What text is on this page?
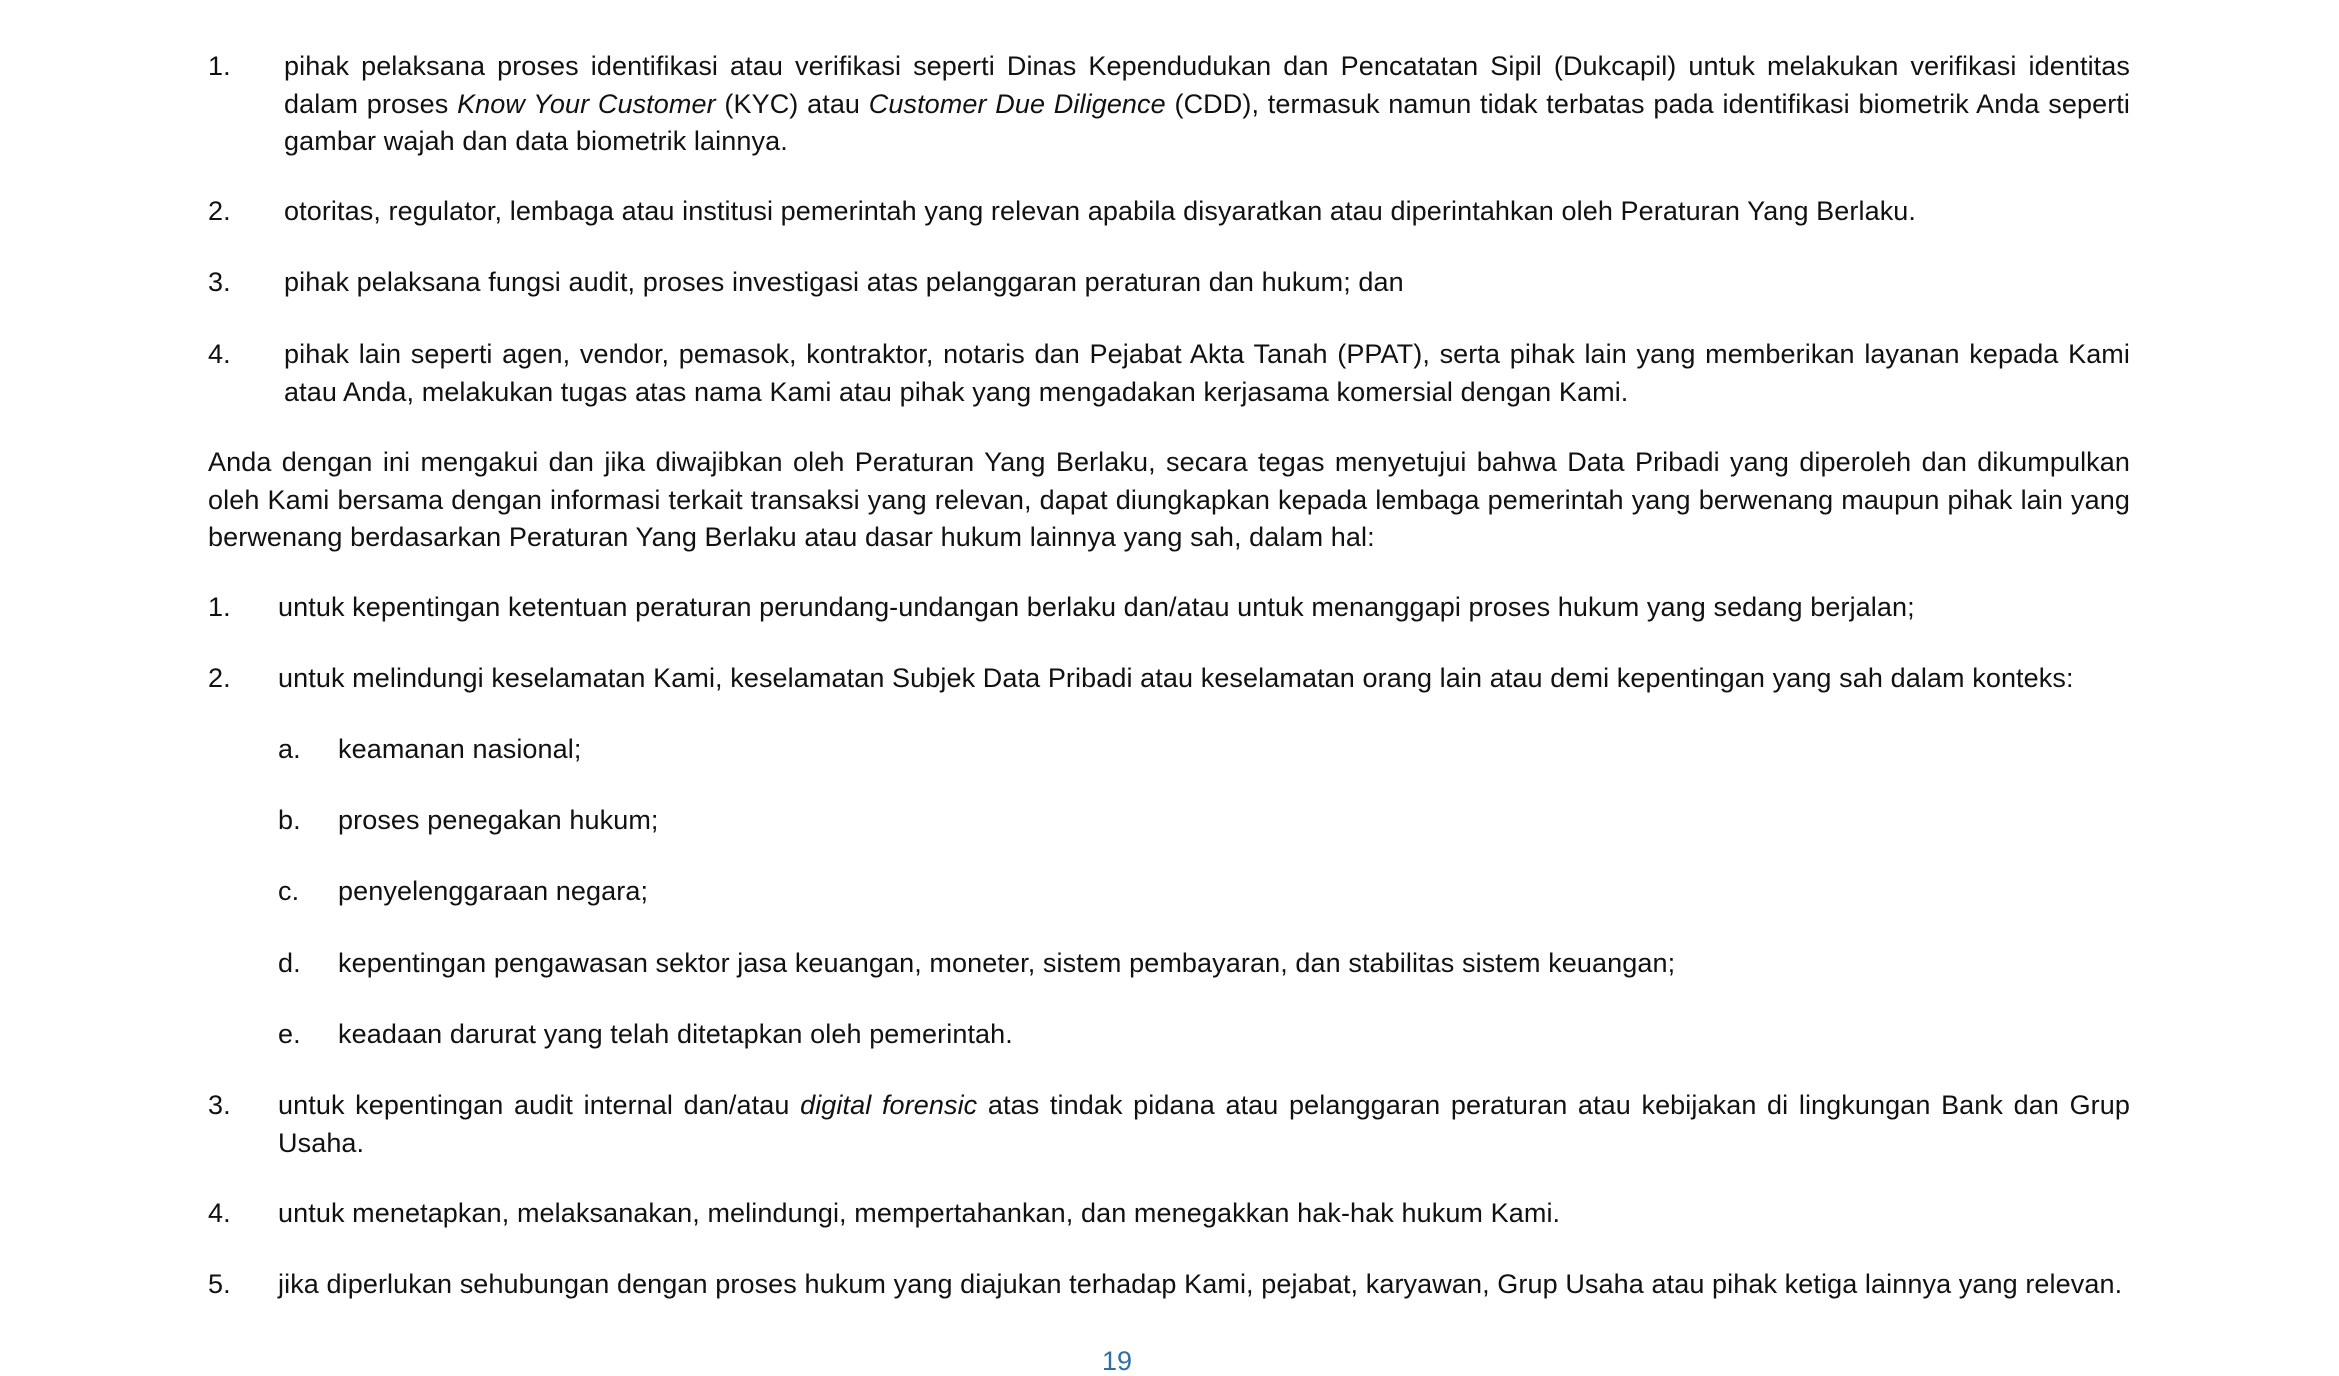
1. pihak pelaksana proses identifikasi atau verifikasi seperti Dinas Kependudukan dan Pencatatan Sipil (Dukcapil) untuk melakukan verifikasi identitas dalam proses Know Your Customer (KYC) atau Customer Due Diligence (CDD), termasuk namun tidak terbatas pada identifikasi biometrik Anda seperti gambar wajah dan data biometrik lainnya.
2. otoritas, regulator, lembaga atau institusi pemerintah yang relevan apabila disyaratkan atau diperintahkan oleh Peraturan Yang Berlaku.
3. pihak pelaksana fungsi audit, proses investigasi atas pelanggaran peraturan dan hukum; dan
4. pihak lain seperti agen, vendor, pemasok, kontraktor, notaris dan Pejabat Akta Tanah (PPAT), serta pihak lain yang memberikan layanan kepada Kami atau Anda, melakukan tugas atas nama Kami atau pihak yang mengadakan kerjasama komersial dengan Kami.
Anda dengan ini mengakui dan jika diwajibkan oleh Peraturan Yang Berlaku, secara tegas menyetujui bahwa Data Pribadi yang diperoleh dan dikumpulkan oleh Kami bersama dengan informasi terkait transaksi yang relevan, dapat diungkapkan kepada lembaga pemerintah yang berwenang maupun pihak lain yang berwenang berdasarkan Peraturan Yang Berlaku atau dasar hukum lainnya yang sah, dalam hal:
1. untuk kepentingan ketentuan peraturan perundang-undangan berlaku dan/atau untuk menanggapi proses hukum yang sedang berjalan;
2. untuk melindungi keselamatan Kami, keselamatan Subjek Data Pribadi atau keselamatan orang lain atau demi kepentingan yang sah dalam konteks:
a. keamanan nasional;
b. proses penegakan hukum;
c. penyelenggaraan negara;
d. kepentingan pengawasan sektor jasa keuangan, moneter, sistem pembayaran, dan stabilitas sistem keuangan;
e. keadaan darurat yang telah ditetapkan oleh pemerintah.
3. untuk kepentingan audit internal dan/atau digital forensic atas tindak pidana atau pelanggaran peraturan atau kebijakan di lingkungan Bank dan Grup Usaha.
4. untuk menetapkan, melaksanakan, melindungi, mempertahankan, dan menegakkan hak-hak hukum Kami.
5. jika diperlukan sehubungan dengan proses hukum yang diajukan terhadap Kami, pejabat, karyawan, Grup Usaha atau pihak ketiga lainnya yang relevan.
19
